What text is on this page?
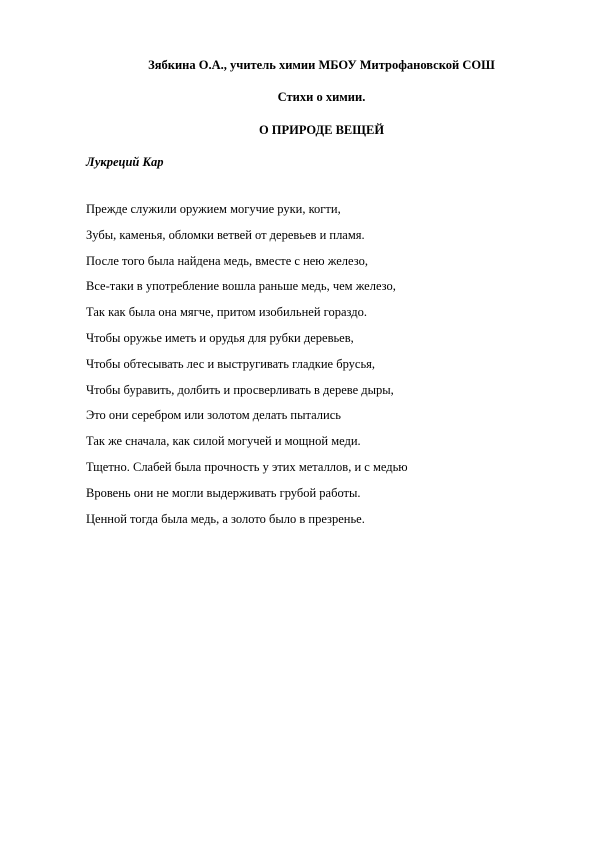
Зябкина О.А., учитель химии МБОУ Митрофановской СОШ
Стихи о химии.
О ПРИРОДЕ ВЕЩЕЙ
Лукреций Кар
Прежде служили оружием могучие руки, когти,
Зубы, каменья, обломки ветвей от деревьев и пламя.
После того была найдена медь, вместе с нею железо,
Все-таки в употребление вошла раньше медь, чем железо,
Так как была она мягче, притом изобильней гораздо.
Чтобы оружье иметь и орудья для рубки деревьев,
Чтобы обтесывать лес и выстругивать гладкие брусья,
Чтобы буравить, долбить и просверливать в дереве дыры,
Это они серебром или золотом делать пытались
Так же сначала, как силой могучей и мощной меди.
Тщетно. Слабей была прочность у этих металлов, и с медью
Вровень они не могли выдерживать грубой работы.
Ценной тогда была медь, а золото было в презренье.
